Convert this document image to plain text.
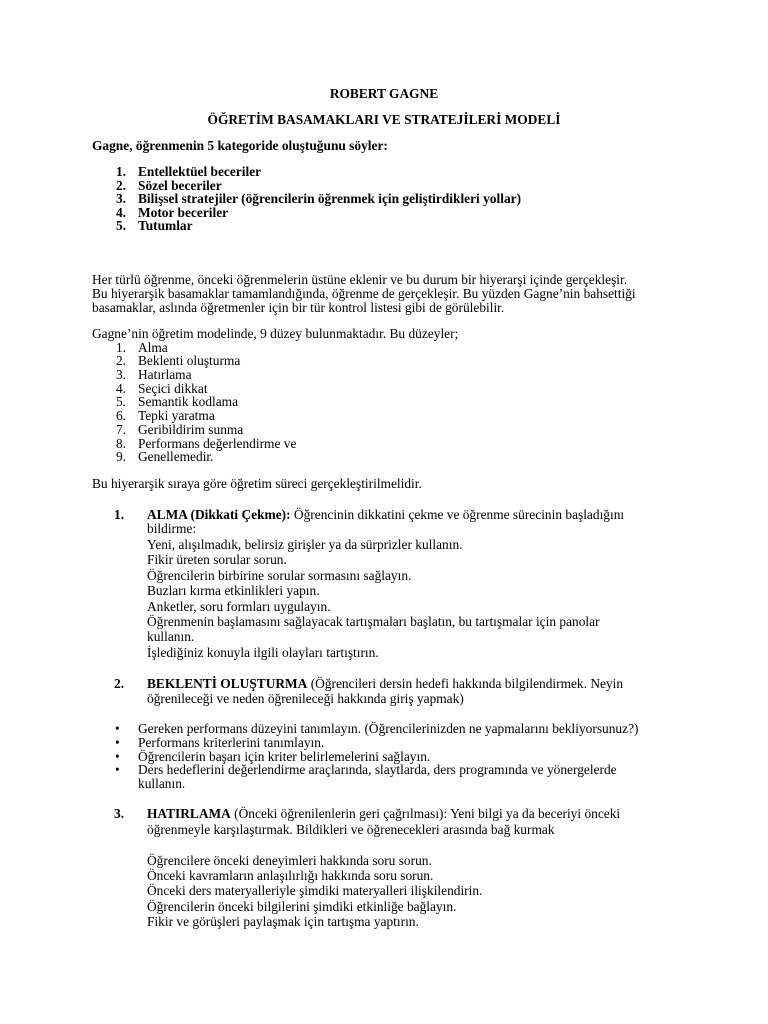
ROBERT GAGNE
ÖĞRETİM BASAMAKLARI VE STRATEJİLERİ MODELİ
Gagne, öğrenmenin 5 kategoride oluştuğunu söyler:
1. Entellektüel beceriler
2. Sözel beceriler
3. Bilişsel stratejiler (öğrencilerin öğrenmek için geliştirdikleri yollar)
4. Motor beceriler
5. Tutumlar
Her türlü öğrenme, önceki öğrenmelerin üstüne eklenir ve bu durum bir hiyerarşi içinde gerçekleşir.
Bu hiyerarşik basamaklar tamamlandığında, öğrenme de gerçekleşir. Bu yüzden Gagne’nin bahsettiği
basamaklar, aslında öğretmenler için bir tür kontrol listesi gibi de görülebilir.
Gagne’nin öğretim modelinde, 9 düzey bulunmaktadır. Bu düzeyler;
1. Alma
2. Beklenti oluşturma
3. Hatırlama
4. Seçici dikkat
5. Semantik kodlama
6. Tepki yaratma
7. Geribildirim sunma
8. Performans değerlendirme ve
9. Genellemedir.
Bu hiyerarşik sıraya göre öğretim süreci gerçekleştirilmelidir.
1. ALMA (Dikkati Çekme): Öğrencinin dikkatini çekme ve öğrenme sürecinin başladığını
bildirme:
Yeni, alışılmadık, belirsiz girişler ya da sürprizler kullanın.
Fikir üreten sorular sorun.
Öğrencilerin birbirine sorular sormasını sağlayın.
Buzları kırma etkinlikleri yapın.
Anketler, soru formları uygulayın.
Öğrenmenin başlamasını sağlayacak tartışmaları başlatın, bu tartışmalar için panolar
kullanın.
İşlediğiniz konuyla ilgili olayları tartıştırın.
2. BEKLENTİ OLUŞTURMA (Öğrencileri dersin hedefi hakkında bilgilendirmek. Neyin
öğrenileceği ve neden öğrenileceği hakkında giriş yapmak)
• Gereken performans düzeyini tanımlayın. (Öğrencilerinizden ne yapmalarını bekliyorsunuz?)
• Performans kriterlerini tanımlayın.
• Öğrencilerin başarı için kriter belirlemelerini sağlayın.
• Ders hedeflerini değerlendirme araçlarında, slaytlarda, ders programında ve yönergelerde
kullanın.
3. HATIRLAMA (Önceki öğrenilenlerin geri çağrılması): Yeni bilgi ya da beceriyi önceki
öğrenmeyle karşılaştırmak. Bildikleri ve öğrenecekleri arasında bağ kurmak
Öğrencilere önceki deneyimleri hakkında soru sorun.
Önceki kavramların anlaşılırlığı hakkında soru sorun.
Önceki ders materyalleriyle şimdiki materyalleri ilişkilendirin.
Öğrencilerin önceki bilgilerini şimdiki etkinliğe bağlayın.
Fikir ve görüşleri paylaşmak için tartışma yaptırın.
